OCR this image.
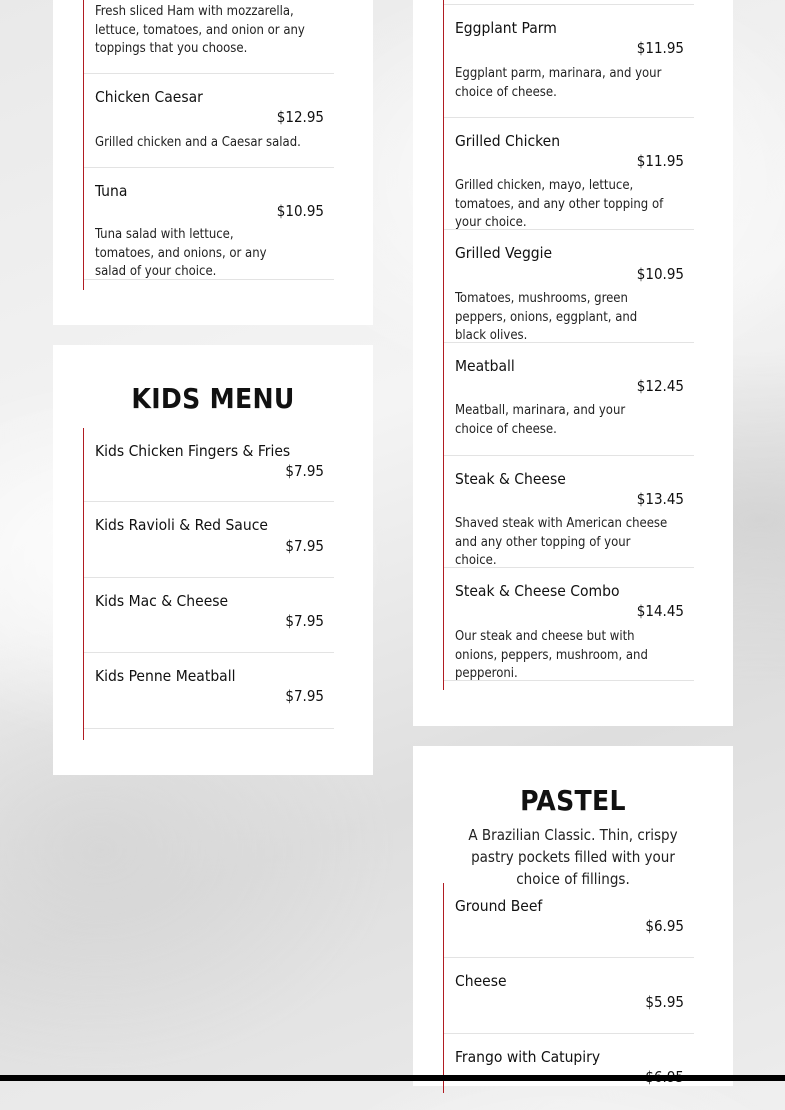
Fresh sliced Ham with mozzarella, lettuce, tomatoes, and onion or any toppings that you choose.
Chicken Caesar
$12.95
Grilled chicken and a Caesar salad.
Tuna
$10.95
Tuna salad with lettuce, tomatoes, and onions, or any salad of your choice.
KIDS MENU
Kids Chicken Fingers & Fries
$7.95
Kids Ravioli & Red Sauce
$7.95
Kids Mac & Cheese
$7.95
Kids Penne Meatball
$7.95
Eggplant Parm
$11.95
Eggplant parm, marinara, and your choice of cheese.
Grilled Chicken
$11.95
Grilled chicken, mayo, lettuce, tomatoes, and any other topping of your choice.
Grilled Veggie
$10.95
Tomatoes, mushrooms, green peppers, onions, eggplant, and black olives.
Meatball
$12.45
Meatball, marinara, and your choice of cheese.
Steak & Cheese
$13.45
Shaved steak with American cheese and any other topping of your choice.
Steak & Cheese Combo
$14.45
Our steak and cheese but with onions, peppers, mushroom, and pepperoni.
PASTEL
A Brazilian Classic. Thin, crispy pastry pockets filled with your choice of fillings.
Ground Beef
$6.95
Cheese
$5.95
Frango with Catupiry
